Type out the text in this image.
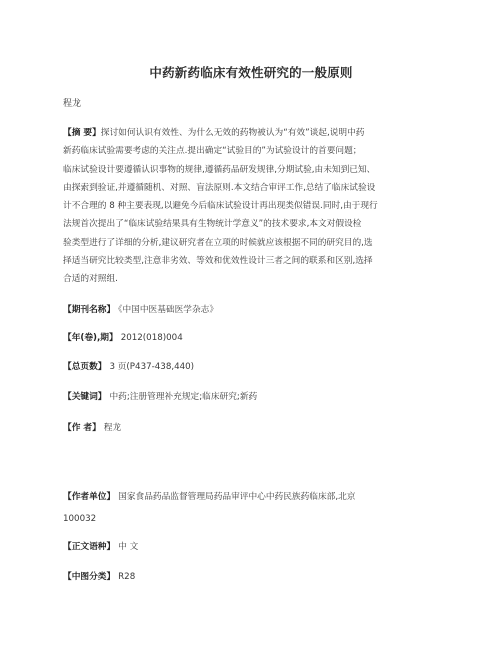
中药新药临床有效性研究的一般原则
程龙
【摘 要】探讨如何认识有效性、为什么无效的药物被认为“有效”谈起,说明中药
新药临床试验需要考虑的关注点.提出确定“试验目的”为试验设计的首要问题；
临床试验设计要遵循认识事物的规律,遵循药品研发规律,分期试验,由未知到已知、
由探索到验证,并遵循随机、对照、盲法原则.本文结合审评工作,总结了临床试验设
计不合理的 8 种主要表现,以避免今后临床试验设计再出现类似错误.同时,由于现行
法规首次提出了“临床试验结果具有生物统计学意义”的技术要求,本文对假设检
验类型进行了详细的分析,建议研究者在立项的时候就应该根据不同的研究目的,选
择适当研究比较类型,注意非劣效、等效和优效性设计三者之间的联系和区别,选择
合适的对照组.
【期刊名称】 《中国中医基础医学杂志》
【年(卷),期】 2012(018)004
【总页数】 3 页(P437-438,440)
【关键词】 中药;注册管理补充规定;临床研究;新药
【作 者】 程龙
【作者单位】 国家食品药品监督管理局药品审评中心中药民族药临床部,北京
100032
【正文语种】 中 文
【中图分类】 R28
